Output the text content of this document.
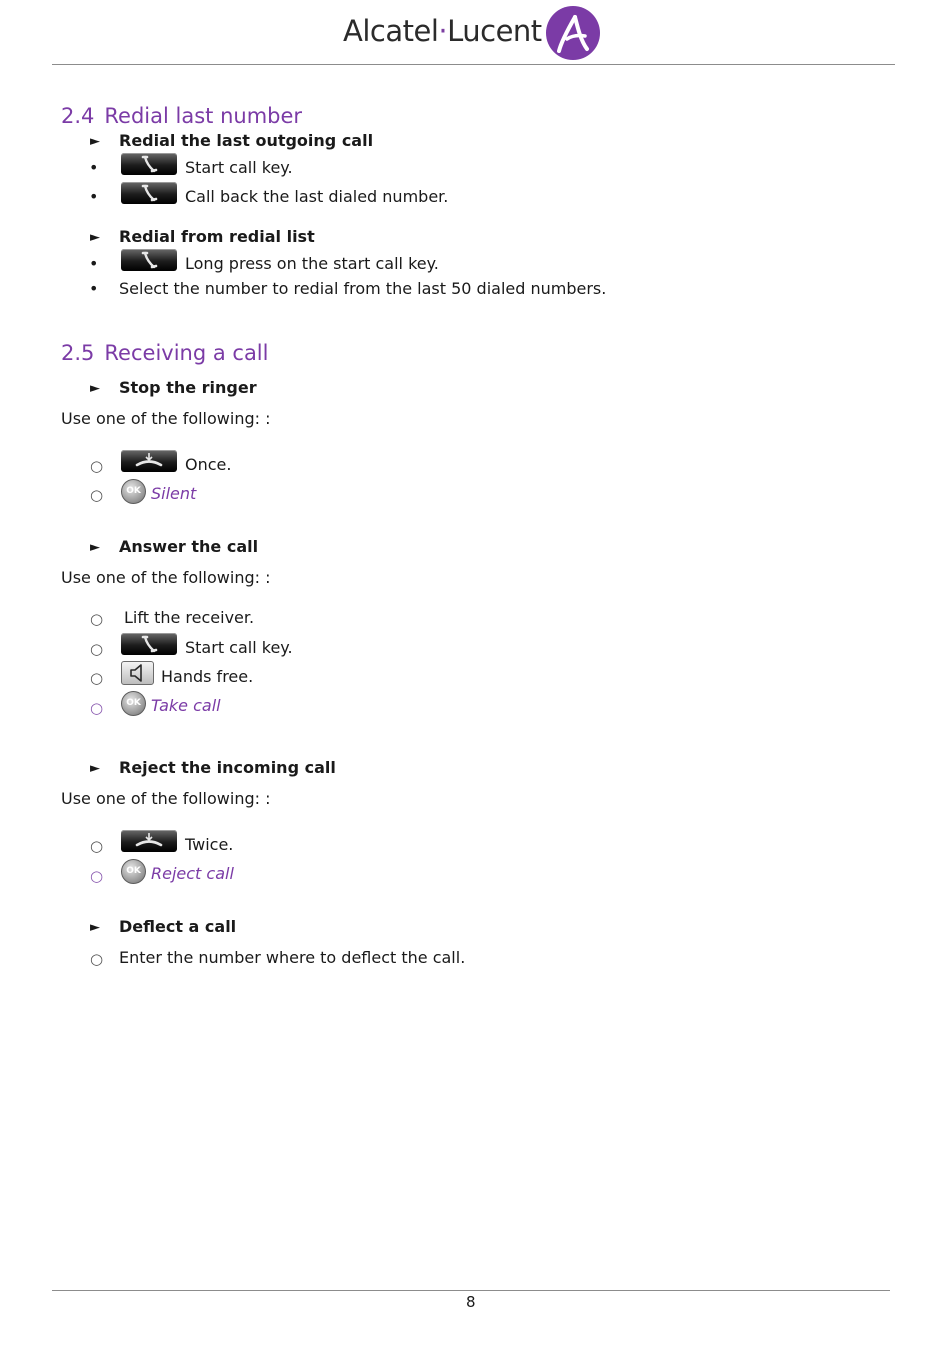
Alcatel·Lucent
2.4 Redial last number
► Redial the last outgoing call
•	Start call key.
•	Call back the last dialed number.
► Redial from redial list
•	Long press on the start call key.
• Select the number to redial from the last 50 dialed numbers.
2.5 Receiving a call
► Stop the ringer
Use one of the following: :
○	Once.
○	OK Silent
► Answer the call
Use one of the following: :
○ Lift the receiver.
○	Start call key.
○	Hands free.
○	OK Take call
► Reject the incoming call
Use one of the following: :
○	Twice.
○	OK Reject call
► Deflect a call
○ Enter the number where to deflect the call.
8
